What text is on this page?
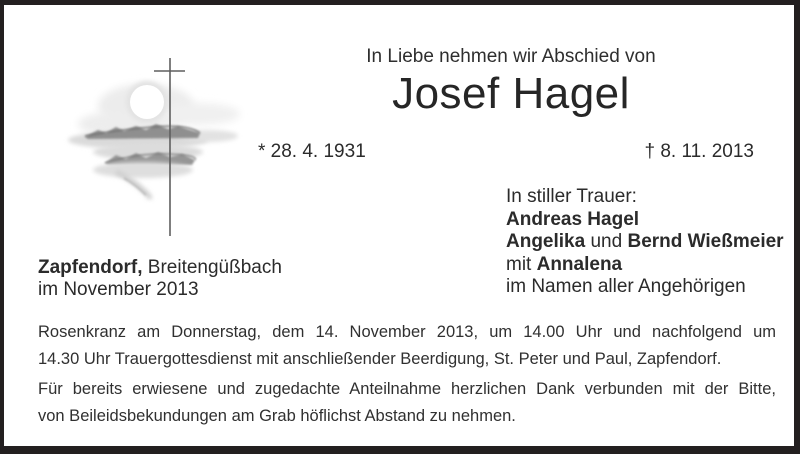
In Liebe nehmen wir Abschied von
Josef Hagel
* 28. 4. 1931	† 8. 11. 2013
In stiller Trauer:
Andreas Hagel
Angelika und Bernd Wießmeier
mit Annalena
im Namen aller Angehörigen
Zapfendorf, Breitengüßbach
im November 2013
Rosenkranz am Donnerstag, dem 14. November 2013, um 14.00 Uhr und nachfolgend um
14.30 Uhr Trauergottesdienst mit anschließender Beerdigung, St. Peter und Paul, Zapfendorf.
Für bereits erwiesene und zugedachte Anteilnahme herzlichen Dank verbunden mit der Bitte,
von Beileidsbekundungen am Grab höflichst Abstand zu nehmen.
